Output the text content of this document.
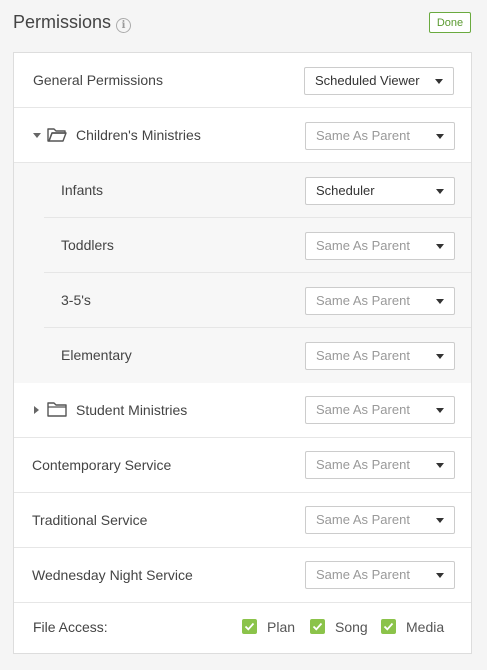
Permissions	i	Done
General Permissions	Scheduled Viewer
Children's Ministries	Same As Parent
Infants	Scheduler
Toddlers	Same As Parent
3-5's	Same As Parent
Elementary	Same As Parent
Student Ministries	Same As Parent
Contemporary Service	Same As Parent
Traditional Service	Same As Parent
Wednesday Night Service	Same As Parent
File Access:	Plan	Song	Media
